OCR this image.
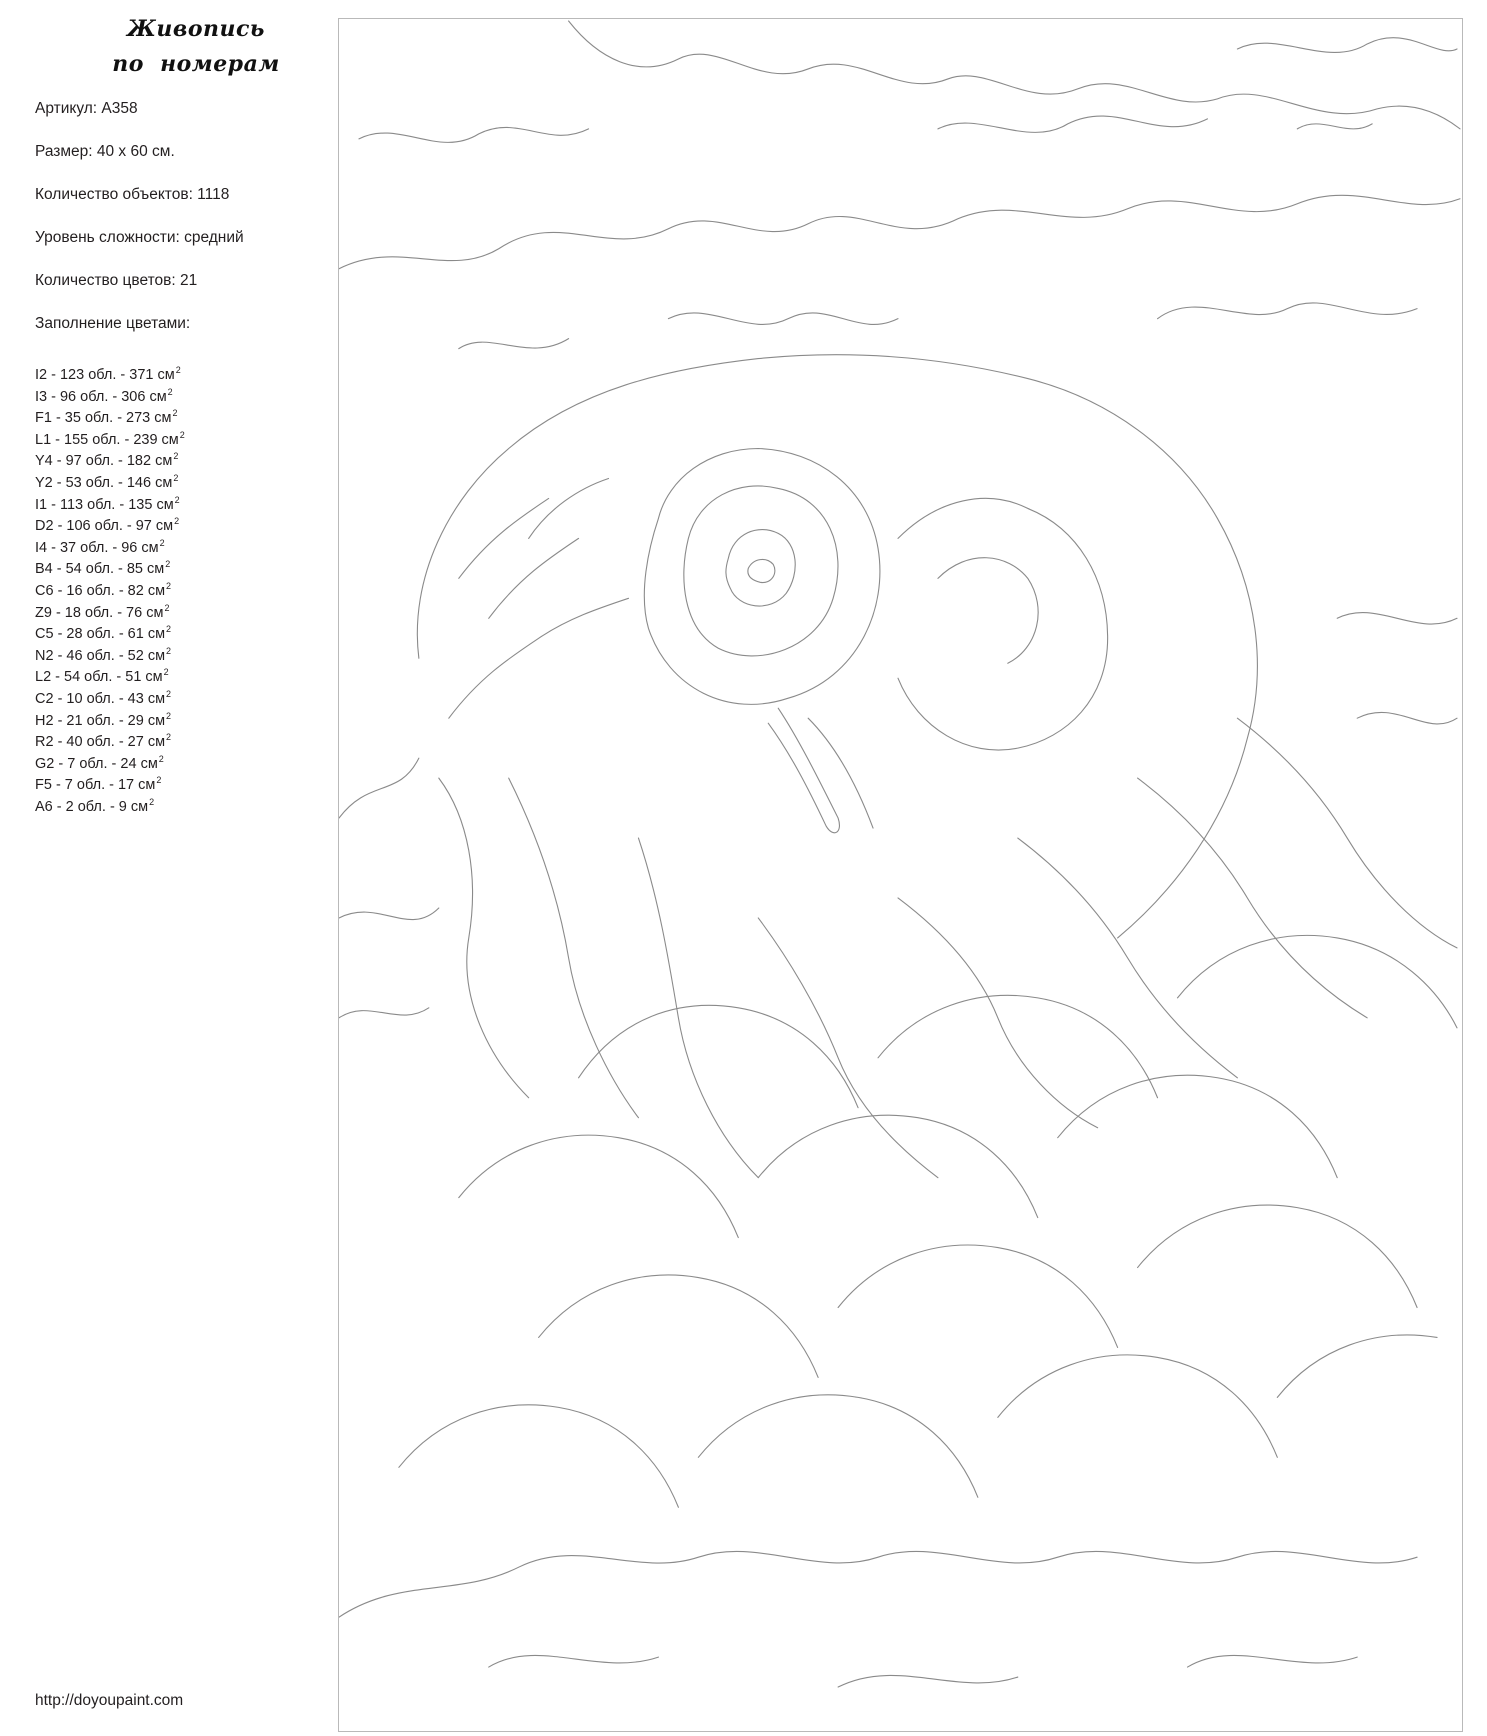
Живопись
по номерам
Артикул: A358
Размер: 40 х 60 см.
Количество объектов: 1118
Уровень сложности: средний
Количество цветов: 21
Заполнение цветами:
I2 - 123 обл. - 371 $см^2$
I3 - 96 обл. - 306 $см^2$
F1 - 35 обл. - 273 $см^2$
L1 - 155 обл. - 239 $см^2$
Y4 - 97 обл. - 182 $см^2$
Y2 - 53 обл. - 146 $см^2$
I1 - 113 обл. - 135 $см^2$
D2 - 106 обл. - 97 $см^2$
I4 - 37 обл. - 96 $см^2$
B4 - 54 обл. - 85 $см^2$
C6 - 16 обл. - 82 $см^2$
Z9 - 18 обл. - 76 $см^2$
C5 - 28 обл. - 61 $см^2$
N2 - 46 обл. - 52 $см^2$
L2 - 54 обл. - 51 $см^2$
C2 - 10 обл. - 43 $см^2$
H2 - 21 обл. - 29 $см^2$
R2 - 40 обл. - 27 $см^2$
G2 - 7 обл. - 24 $см^2$
F5 - 7 обл. - 17 $см^2$
A6 - 2 обл. - 9 $см^2$
http://doyoupaint.com
